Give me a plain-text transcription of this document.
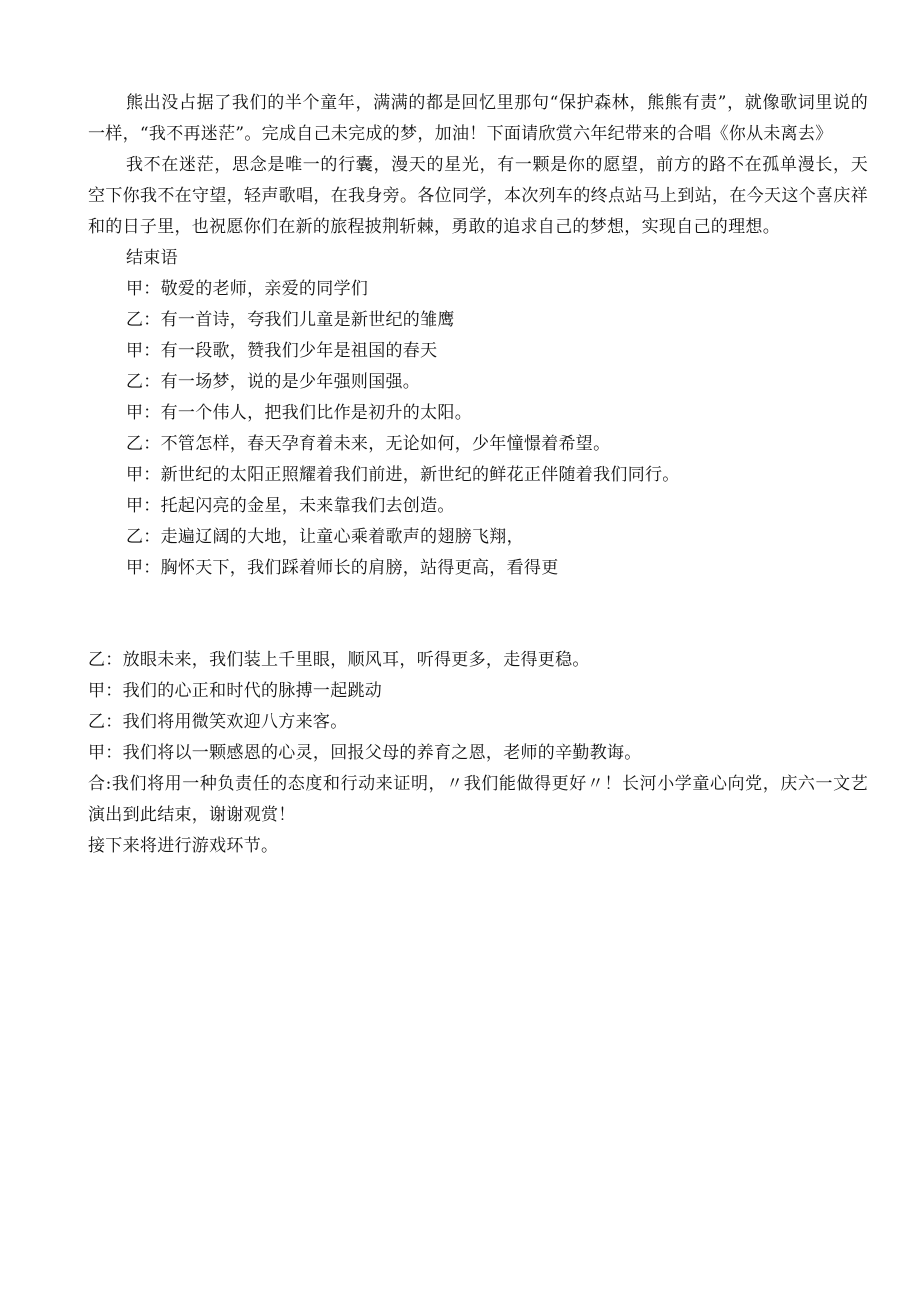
熊出没占据了我们的半个童年，满满的都是回忆里那句“保护森林，熊熊有责”，就像歌词里说的一样，“我不再迷茫”。完成自己未完成的梦，加油！下面请欣赏六年纪带来的合唱《你从未离去》

我不在迷茫，思念是唯一的行囊，漫天的星光，有一颗是你的愿望，前方的路不在孤单漫长，天空下你我不在守望，轻声歌唱，在我身旁。各位同学，本次列车的终点站马上到站，在今天这个喜庆祥和的日子里，也祝愿你们在新的旅程披荆斩棘，勇敢的追求自己的梦想，实现自己的理想。

结束语

甲：敬爱的老师，亲爱的同学们

乙：有一首诗，夸我们儿童是新世纪的雏鹰

甲：有一段歌，赞我们少年是祖国的春天

乙：有一场梦，说的是少年强则国强。

甲：有一个伟人，把我们比作是初升的太阳。

乙：不管怎样，春天孕育着未来，无论如何，少年憧憬着希望。

甲：新世纪的太阳正照耀着我们前进，新世纪的鲜花正伴随着我们同行。

甲：托起闪亮的金星，未来靠我们去创造。

乙：走遍辽阔的大地，让童心乘着歌声的翅膀飞翔，

甲：胸怀天下，我们踩着师长的肩膀，站得更高，看得更

乙：放眼未来，我们装上千里眼，顺风耳，听得更多，走得更稳。

甲：我们的心正和时代的脉搏一起跳动

乙：我们将用微笑欢迎八方来客。

甲：我们将以一颗感恩的心灵，回报父母的养育之恩，老师的辛勤教诲。

合:我们将用一种负责任的态度和行动来证明，〃我们能做得更好〃！长河小学童心向党，庆六一文艺演出到此结束，谢谢观赏！

接下来将进行游戏环节。
